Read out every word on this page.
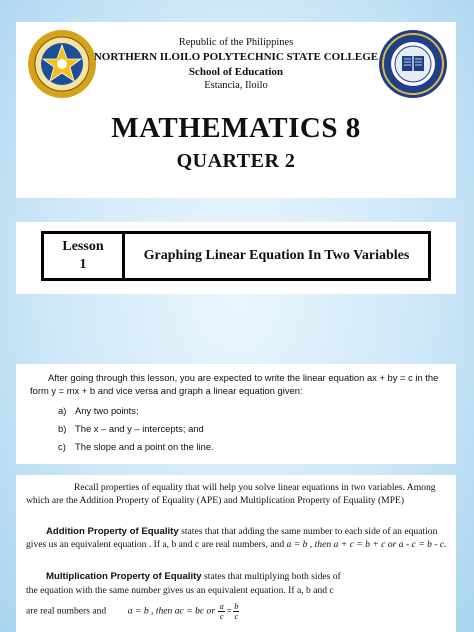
Republic of the Philippines
NORTHERN ILOILO POLYTECHNIC STATE COLLEGE
School of Education
Estancia, Iloilo
MATHEMATICS 8
QUARTER 2
Lesson
1
Graphing Linear Equation In Two Variables
After going through this lesson, you are expected to write the linear equation ax + by = c in the form y = mx + b and vice versa and graph a linear equation given:
a) Any two points;
b) The x – and y – intercepts; and
c) The slope and a point on the line.
Recall properties of equality that will help you solve linear equations in two variables. Among which are the Addition Property of Equality (APE) and Multiplication Property of Equality (MPE)
Addition Property of Equality states that that adding the same number to each side of an equation gives us an equivalent equation . If a, b and c are real numbers, and a = b , then a + c = b + c or a - c = b - c.
Multiplication Property of Equality states that multiplying both sides of
the equation with the same number gives us an equivalent equation. If a, b and c
are real numbers and a = b , then ac = bc or $\frac{a}{c} = \frac{b}{c}$
